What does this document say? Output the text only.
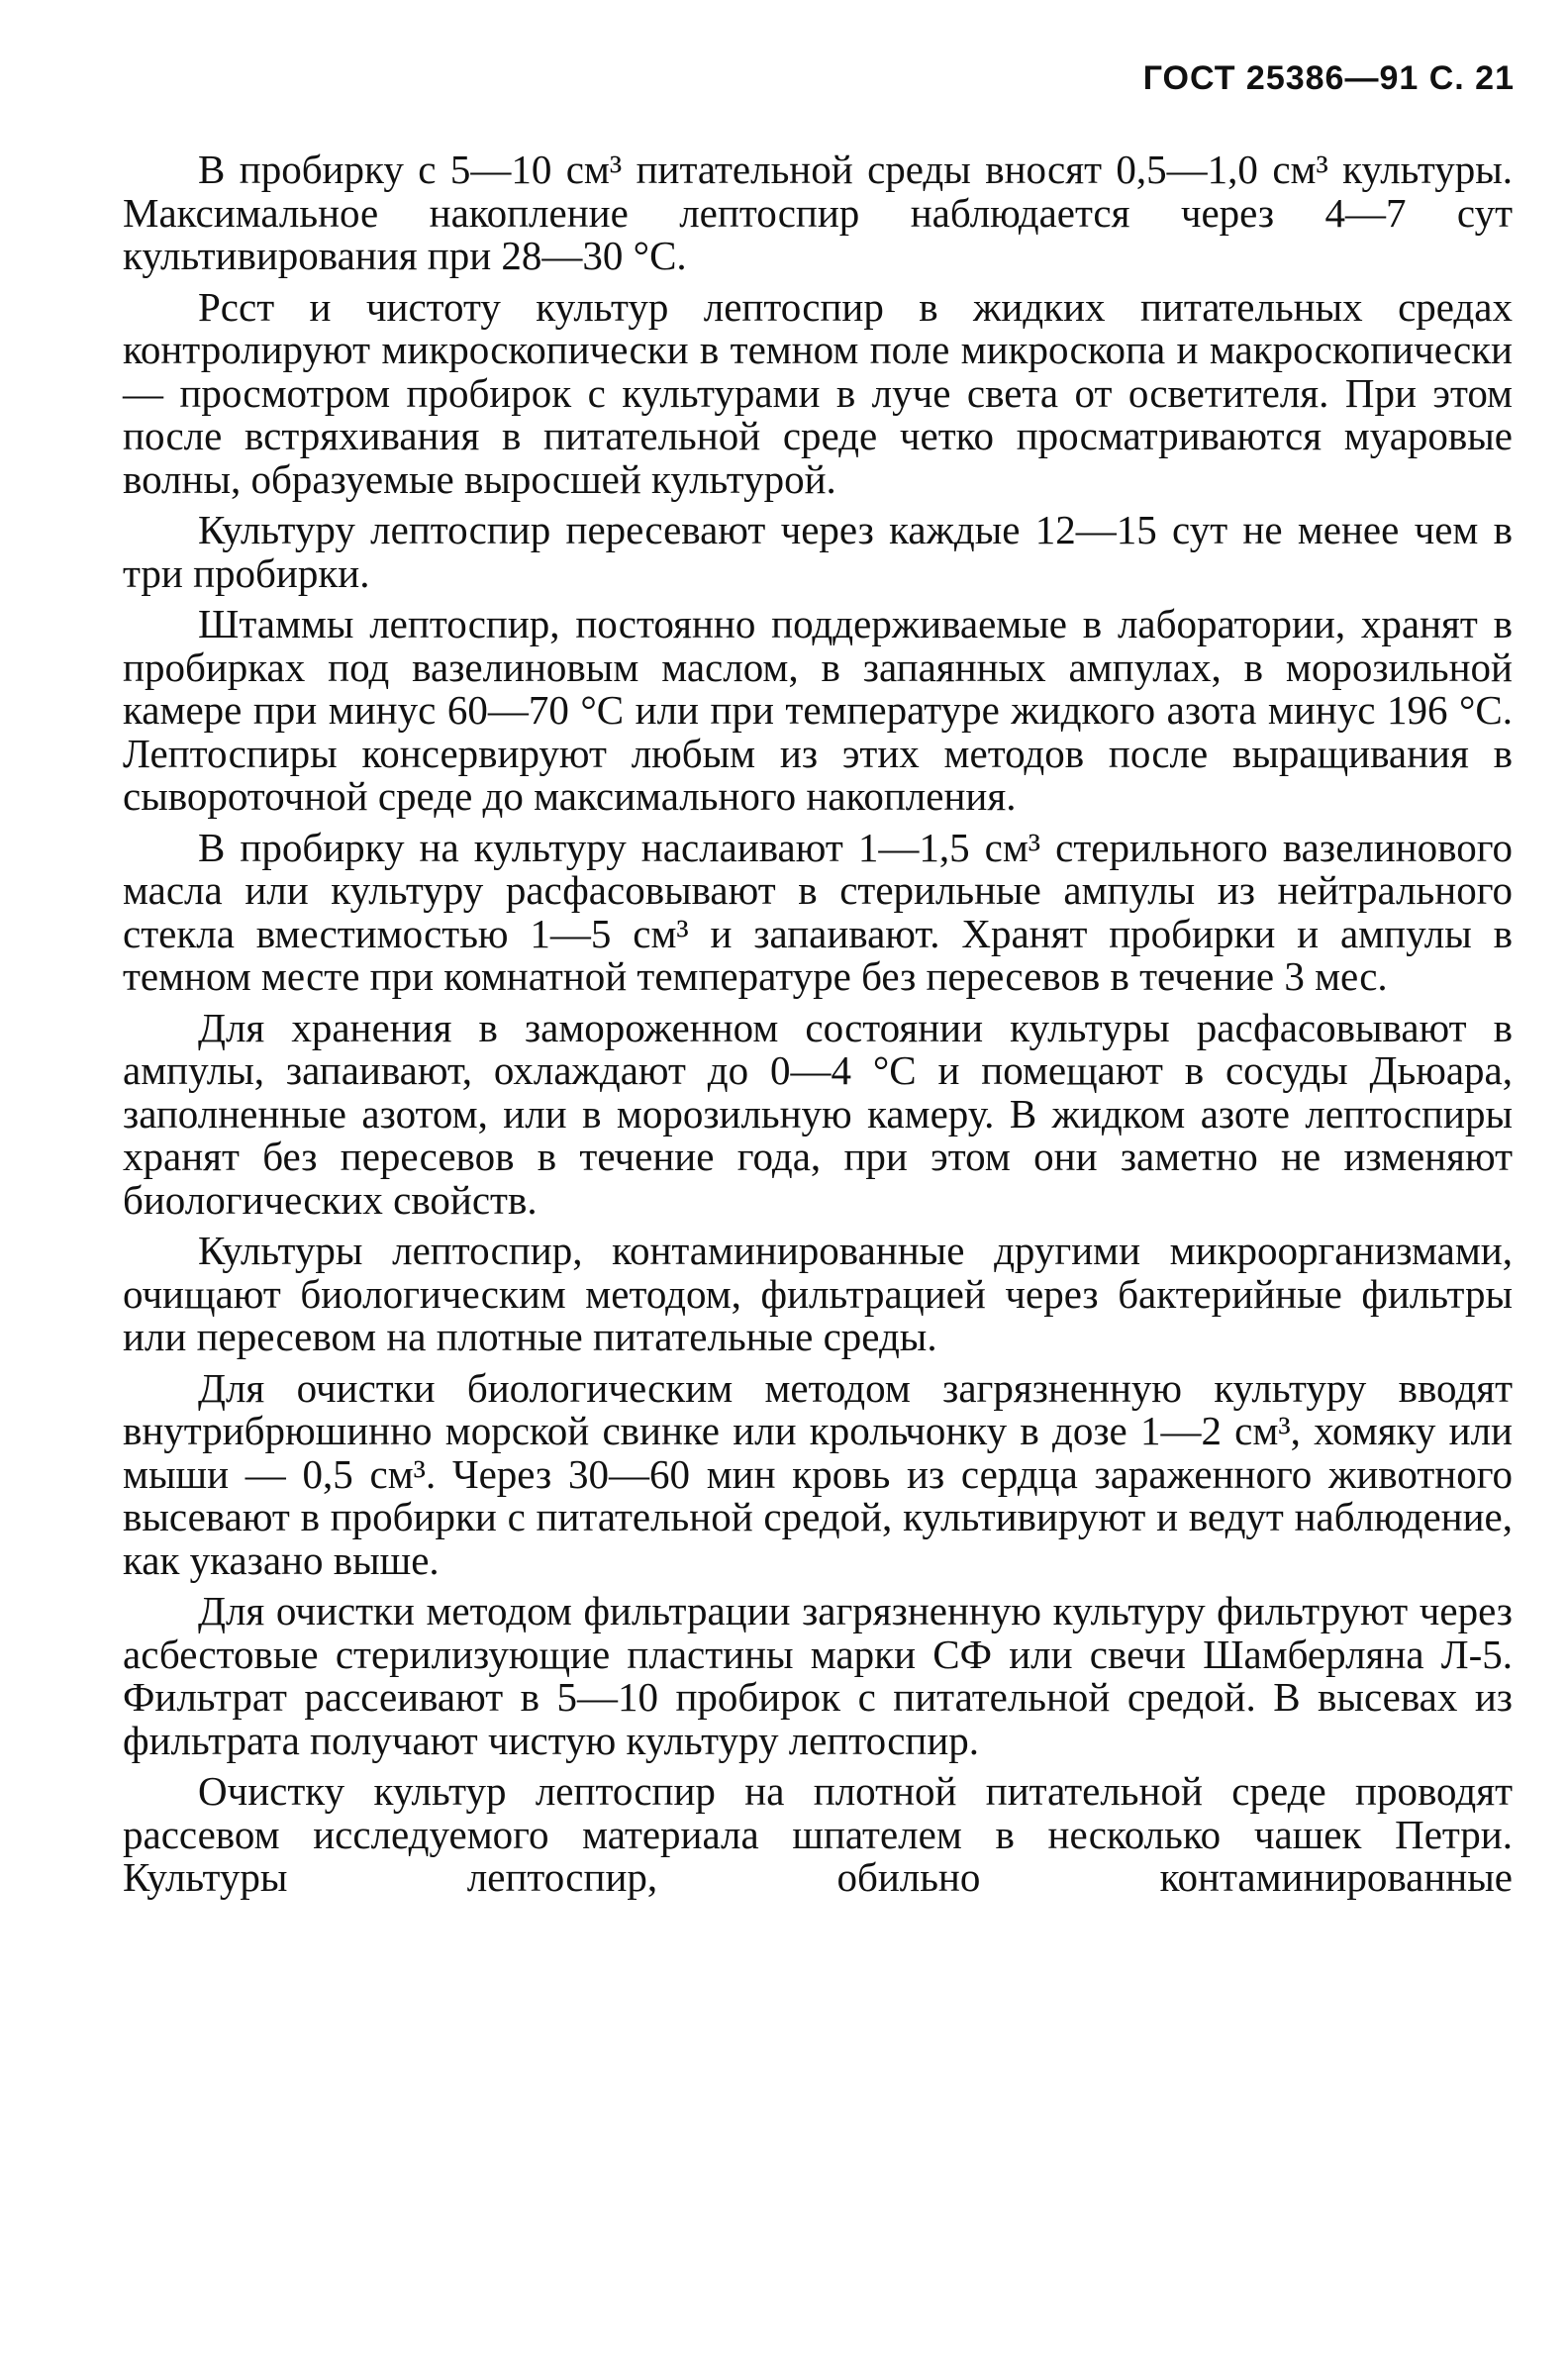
ГОСТ 25386—91 С. 21

В пробирку с 5—10 см³ питательной среды вносят 0,5—1,0 см³ культуры. Максимальное накопление лептоспир наблюдается через 4—7 сут культивирования при 28—30 °С.

Рсст и чистоту культур лептоспир в жидких питательных средах контролируют микроскопически в темном поле микроскопа и макроскопически — просмотром пробирок с культурами в луче света от осветителя. При этом после встряхивания в питательной среде четко просматриваются муаровые волны, образуемые выросшей культурой.

Культуру лептоспир пересевают через каждые 12—15 сут не менее чем в три пробирки.

Штаммы лептоспир, постоянно поддерживаемые в лаборатории, хранят в пробирках под вазелиновым маслом, в запаянных ампулах, в морозильной камере при минус 60—70 °С или при температуре жидкого азота минус 196 °С. Лептоспиры консервируют любым из этих методов после выращивания в сывороточной среде до максимального накопления.

В пробирку на культуру наслаивают 1—1,5 см³ стерильного вазелинового масла или культуру расфасовывают в стерильные ампулы из нейтрального стекла вместимостью 1—5 см³ и запаивают. Хранят пробирки и ампулы в темном месте при комнатной температуре без пересевов в течение 3 мес.

Для хранения в замороженном состоянии культуры расфасовывают в ампулы, запаивают, охлаждают до 0—4 °С и помещают в сосуды Дьюара, заполненные азотом, или в морозильную камеру. В жидком азоте лептоспиры хранят без пересевов в течение года, при этом они заметно не изменяют биологических свойств.

Культуры лептоспир, контаминированные другими микроорганизмами, очищают биологическим методом, фильтрацией через бактерийные фильтры или пересевом на плотные питательные среды.

Для очистки биологическим методом загрязненную культуру вводят внутрибрюшинно морской свинке или крольчонку в дозе 1—2 см³, хомяку или мыши — 0,5 см³. Через 30—60 мин кровь из сердца зараженного животного высевают в пробирки с питательной средой, культивируют и ведут наблюдение, как указано выше.

Для очистки методом фильтрации загрязненную культуру фильтруют через асбестовые стерилизующие пластины марки СФ или свечи Шамберляна Л-5. Фильтрат рассеивают в 5—10 пробирок с питательной средой. В высевах из фильтрата получают чистую культуру лептоспир.

Очистку культур лептоспир на плотной питательной среде проводят рассевом исследуемого материала шпателем в несколько чашек Петри. Культуры лептоспир, обильно контаминированные
